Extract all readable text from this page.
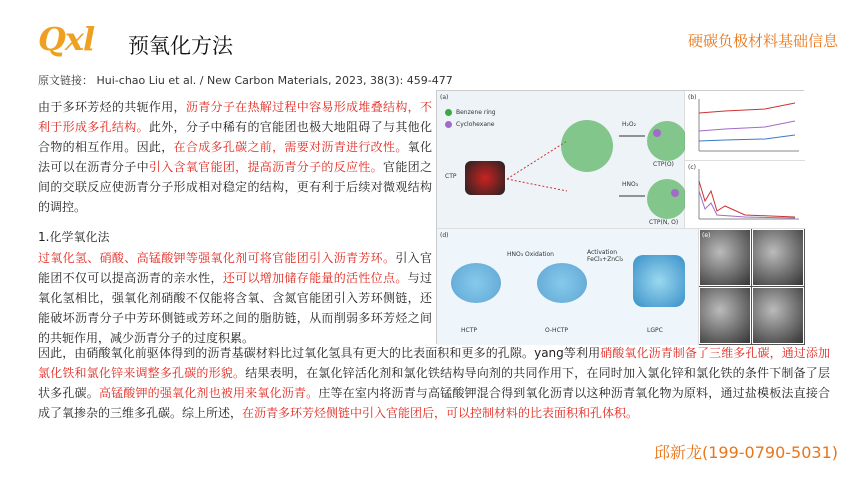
Qxl 预氧化方法	硬碳负极材料基础信息
原文链接： Hui-chao Liu et al. / New Carbon Materials, 2023, 38(3): 459-477
由于多环芳烃的共轭作用，沥青分子在热解过程中容易形成堆叠结构，不利于形成多孔结构。此外，分子中稀有的官能团也极大地阻碍了与其他化合物的相互作用。因此，在合成多孔碳之前，需要对沥青进行改性。氧化法可以在沥青分子中引入含氧官能团，提高沥青分子的反应性。官能团之间的交联反应使沥青分子形成相对稳定的结构，更有利于后续对微观结构的调控。
1.化学氧化法
过氧化氢、硝酸、高锰酸钾等强氧化剂可将官能团引入沥青芳环。引入官能团不仅可以提高沥青的亲水性，还可以增加储存能量的活性位点。与过氧化氢相比，强氧化剂硝酸不仅能将含氧、含氮官能团引入芳环侧链，还能破坏沥青分子中芳环侧链或芳环之间的脂肪链，从而削弱多环芳烃之间的共轭作用，减少沥青分子的过度积累。
因此，由硝酸氧化前驱体得到的沥青基碳材料比过氧化氢具有更大的比表面积和更多的孔隙。yang等利用硝酸氧化沥青制备了三维多孔碳，通过添加氯化铁和氯化锌来调整多孔碳的形貌。结果表明，在氯化锌活化剂和氯化铁结构导向剂的共同作用下，在同时加入氯化锌和氯化铁的条件下制备了层状多孔碳。高锰酸钾的强氧化剂也被用来氧化沥青。庄等在室内将沥青与高锰酸钾混合得到氧化沥青以这种沥青氧化物为原料，通过盐模板法直接合成了氧掺杂的三维多孔碳。综上所述，在沥青多环芳烃侧链中引入官能团后，可以控制材料的比表面积和孔体积。
(a)
Benzene ring
Cyclohexane
CTP
H₂O₂
HNO₃
CTP(O)
CTP(N, O)
(b)
(c)
(d)
HNO₃ Oxidation	Activation FeCl₃+ZnCl₂
HCTP	O-HCTP	LGPC
(e)
邱新龙(199-0790-5031)
